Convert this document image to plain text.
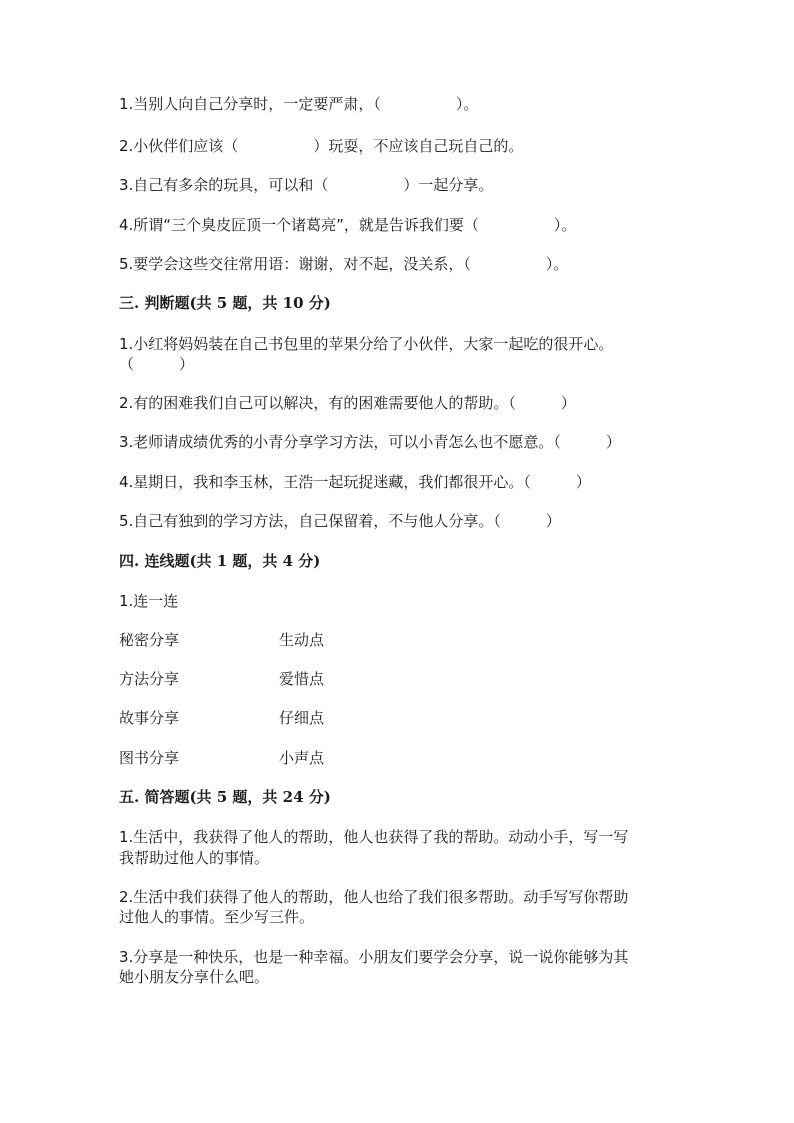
1.当别人向自己分享时，一定要严肃，（　　　　　）。

2.小伙伴们应该（　　　　　）玩耍，不应该自己玩自己的。

3.自己有多余的玩具，可以和（　　　　　）一起分享。

4.所谓“三个臭皮匠顶一个诸葛亮”，就是告诉我们要（　　　　　）。

5.要学会这些交往常用语：谢谢，对不起，没关系，（　　　　　）。

三. 判断题(共 5 题，共 10 分)

1.小红将妈妈装在自己书包里的苹果分给了小伙伴，大家一起吃的很开心。

（　　　）

2.有的困难我们自己可以解决，有的困难需要他人的帮助。（　　　）

3.老师请成绩优秀的小青分享学习方法，可以小青怎么也不愿意。（　　　）

4.星期日，我和李玉林，王浩一起玩捉迷藏，我们都很开心。（　　　）

5.自己有独到的学习方法，自己保留着，不与他人分享。（　　　）

四. 连线题(共 1 题，共 4 分)

1.连一连

秘密分享	生动点
方法分享	爱惜点
故事分享	仔细点
图书分享	小声点

五. 简答题(共 5 题，共 24 分)

1.生活中，我获得了他人的帮助，他人也获得了我的帮助。动动小手，写一写

我帮助过他人的事情。

2.生活中我们获得了他人的帮助，他人也给了我们很多帮助。动手写写你帮助

过他人的事情。至少写三件。

3.分享是一种快乐，也是一种幸福。小朋友们要学会分享，说一说你能够为其

她小朋友分享什么吧。
